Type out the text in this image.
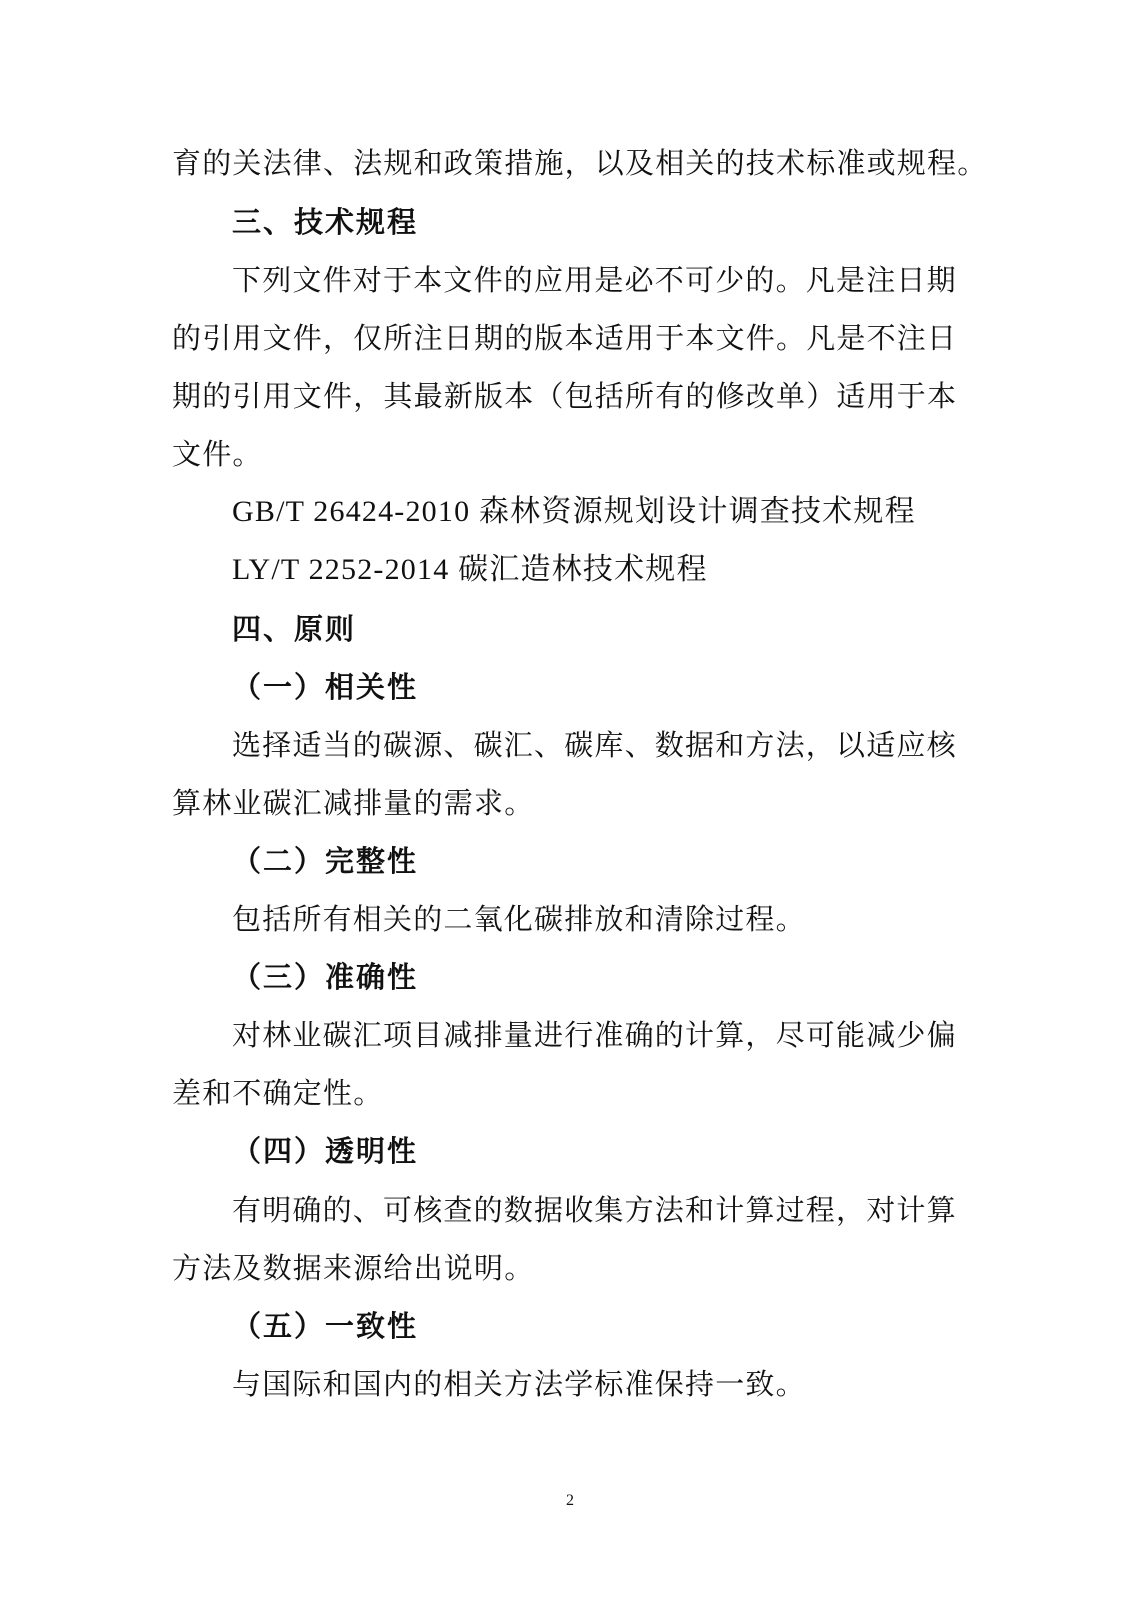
育的关法律、法规和政策措施，以及相关的技术标准或规程。
三、技术规程
下列文件对于本文件的应用是必不可少的。凡是注日期
的引用文件，仅所注日期的版本适用于本文件。凡是不注日
期的引用文件，其最新版本（包括所有的修改单）适用于本
文件。
GB/T 26424-2010 森林资源规划设计调查技术规程
LY/T 2252-2014 碳汇造林技术规程
四、原则
（一）相关性
选择适当的碳源、碳汇、碳库、数据和方法，以适应核
算林业碳汇减排量的需求。
（二）完整性
包括所有相关的二氧化碳排放和清除过程。
（三）准确性
对林业碳汇项目减排量进行准确的计算，尽可能减少偏
差和不确定性。
（四）透明性
有明确的、可核查的数据收集方法和计算过程，对计算
方法及数据来源给出说明。
（五）一致性
与国际和国内的相关方法学标准保持一致。
2
